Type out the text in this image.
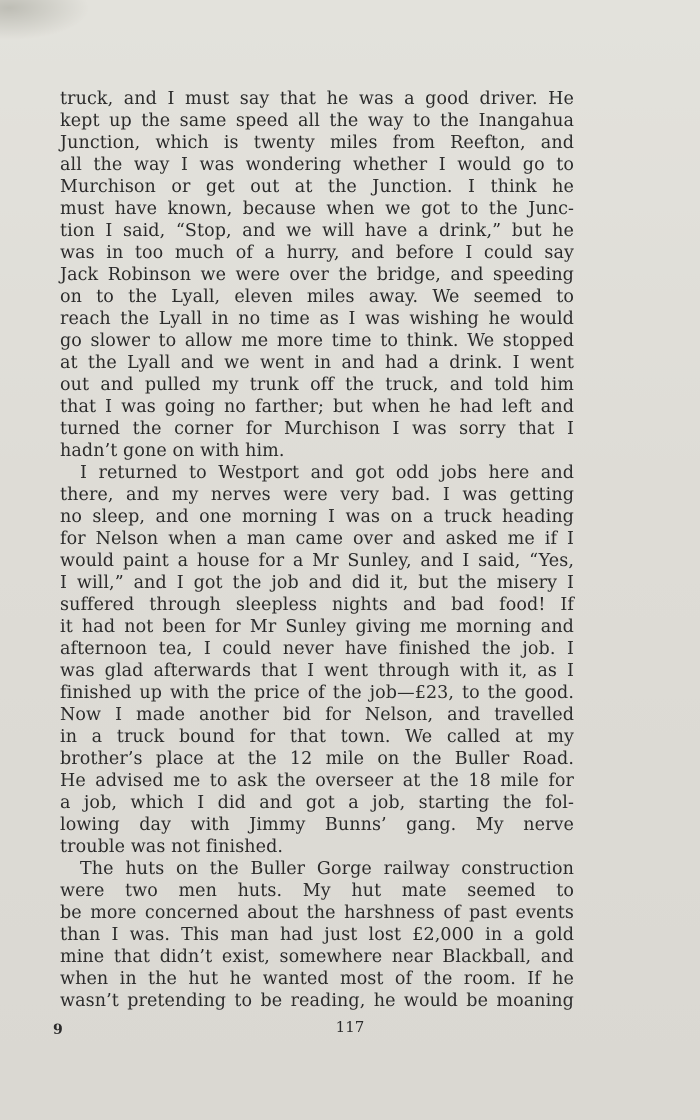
truck, and I must say that he was a good driver. He
kept up the same speed all the way to the Inangahua
Junction, which is twenty miles from Reefton, and
all the way I was wondering whether I would go to
Murchison or get out at the Junction. I think he
must have known, because when we got to the Junc-
tion I said, “Stop, and we will have a drink,” but he
was in too much of a hurry, and before I could say
Jack Robinson we were over the bridge, and speeding
on to the Lyall, eleven miles away. We seemed to
reach the Lyall in no time as I was wishing he would
go slower to allow me more time to think. We stopped
at the Lyall and we went in and had a drink. I went
out and pulled my trunk off the truck, and told him
that I was going no farther; but when he had left and
turned the corner for Murchison I was sorry that I
hadn’t gone on with him.
I returned to Westport and got odd jobs here and
there, and my nerves were very bad. I was getting
no sleep, and one morning I was on a truck heading
for Nelson when a man came over and asked me if I
would paint a house for a Mr Sunley, and I said, “Yes,
I will,” and I got the job and did it, but the misery I
suffered through sleepless nights and bad food! If
it had not been for Mr Sunley giving me morning and
afternoon tea, I could never have finished the job. I
was glad afterwards that I went through with it, as I
finished up with the price of the job—£23, to the good.
Now I made another bid for Nelson, and travelled
in a truck bound for that town. We called at my
brother’s place at the 12 mile on the Buller Road.
He advised me to ask the overseer at the 18 mile for
a job, which I did and got a job, starting the fol-
lowing day with Jimmy Bunns’ gang. My nerve
trouble was not finished.
The huts on the Buller Gorge railway construction
were two men huts. My hut mate seemed to
be more concerned about the harshness of past events
than I was. This man had just lost £2,000 in a gold
mine that didn’t exist, somewhere near Blackball, and
when in the hut he wanted most of the room. If he
wasn’t pretending to be reading, he would be moaning
9	117
